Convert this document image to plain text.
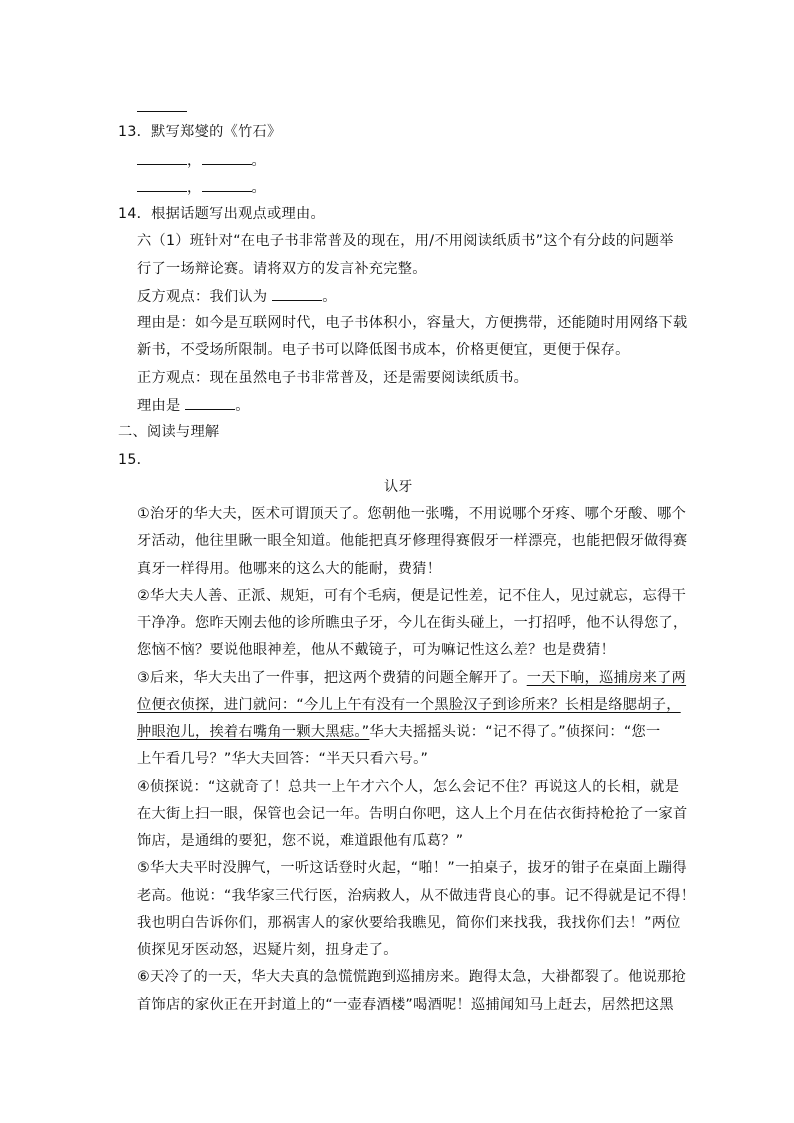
13．默写郑燮的《竹石》
，	。
，	。
14．根据话题写出观点或理由。
六（1）班针对“在电子书非常普及的现在，用/不用阅读纸质书”这个有分歧的问题举
行了一场辩论赛。请将双方的发言补充完整。
反方观点：我们认为	。
理由是：如今是互联网时代，电子书体积小，容量大，方便携带，还能随时用网络下载
新书，不受场所限制。电子书可以降低图书成本，价格更便宜，更便于保存。
正方观点：现在虽然电子书非常普及，还是需要阅读纸质书。
理由是	。
二、阅读与理解
15．
认牙
①治牙的华大夫，医术可谓顶天了。您朝他一张嘴，不用说哪个牙疼、哪个牙酸、哪个
牙活动，他往里瞅一眼全知道。他能把真牙修理得赛假牙一样漂亮，也能把假牙做得赛
真牙一样得用。他哪来的这么大的能耐，费猜！
②华大夫人善、正派、规矩，可有个毛病，便是记性差，记不住人，见过就忘，忘得干
干净净。您昨天刚去他的诊所瞧虫子牙，今儿在街头碰上，一打招呼，他不认得您了，
您恼不恼？要说他眼神差，他从不戴镜子，可为嘛记性这么差？也是费猜！
③后来，华大夫出了一件事，把这两个费猜的问题全解开了。一天下晌，巡捕房来了两
位便衣侦探，进门就问：“今儿上午有没有一个黑脸汉子到诊所来？长相是络腮胡子，
肿眼泡儿，挨着右嘴角一颗大黑痣。”华大夫摇摇头说：“记不得了。”侦探问：“您一
上午看几号？”华大夫回答：“半天只看六号。”
④侦探说：“这就奇了！总共一上午才六个人，怎么会记不住？再说这人的长相，就是
在大街上扫一眼，保管也会记一年。告明白你吧，这人上个月在估衣街持枪抢了一家首
饰店，是通缉的要犯，您不说，难道跟他有瓜葛？”
⑤华大夫平时没脾气，一听这话登时火起，“啪！”一拍桌子，拔牙的钳子在桌面上蹦得
老高。他说：“我华家三代行医，治病救人，从不做违背良心的事。记不得就是记不得！
我也明白告诉你们，那祸害人的家伙要给我瞧见，简你们来找我，我找你们去！”两位
侦探见牙医动怒，迟疑片刻，扭身走了。
⑥天冷了的一天，华大夫真的急慌慌跑到巡捕房来。跑得太急，大褂都裂了。他说那抢
首饰店的家伙正在开封道上的“一壶春酒楼”喝酒呢！巡捕闻知马上赶去，居然把这黑
